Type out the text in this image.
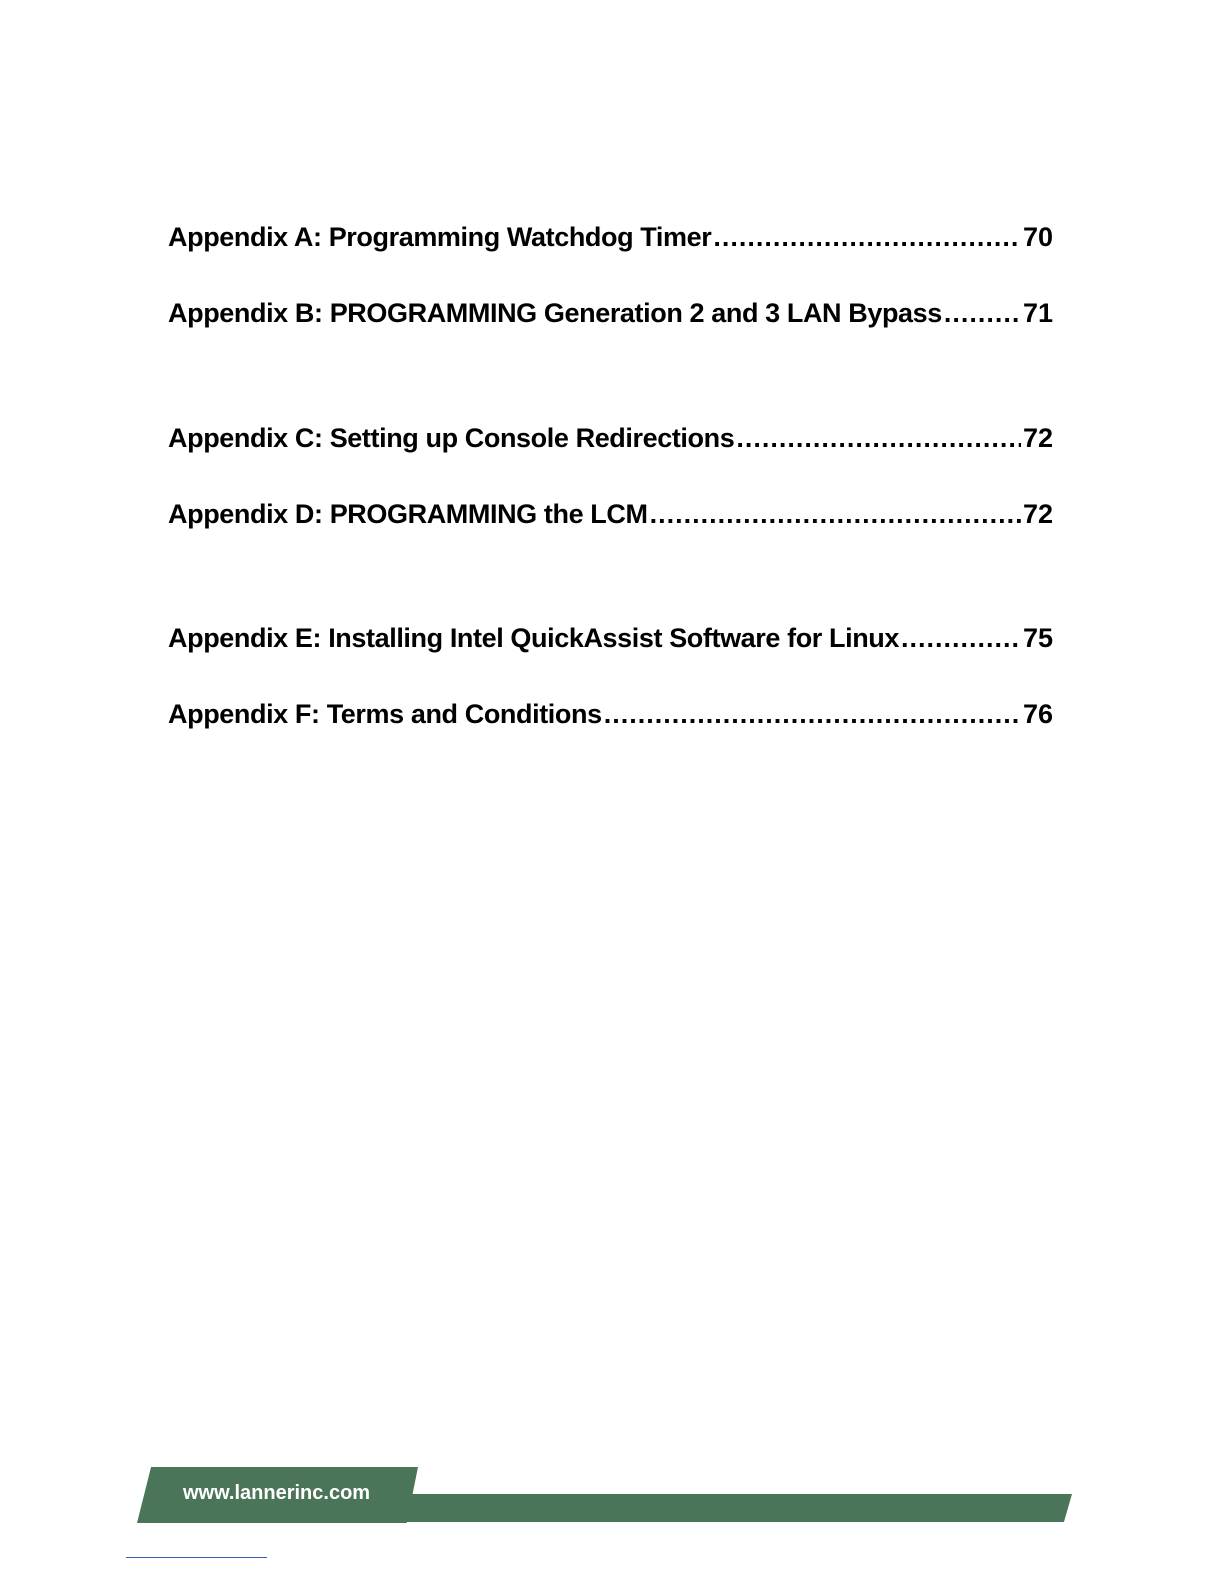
Appendix A: Programming Watchdog Timer .....	70
Appendix B: PROGRAMMING Generation 2 and 3 LAN Bypass .....	71
Appendix C: Setting up Console Redirections .....	72
Appendix D: PROGRAMMING the LCM .....	72
Appendix E: Installing Intel QuickAssist Software for Linux .....	75
Appendix F: Terms and Conditions .....	76
www.lannerinc.com
